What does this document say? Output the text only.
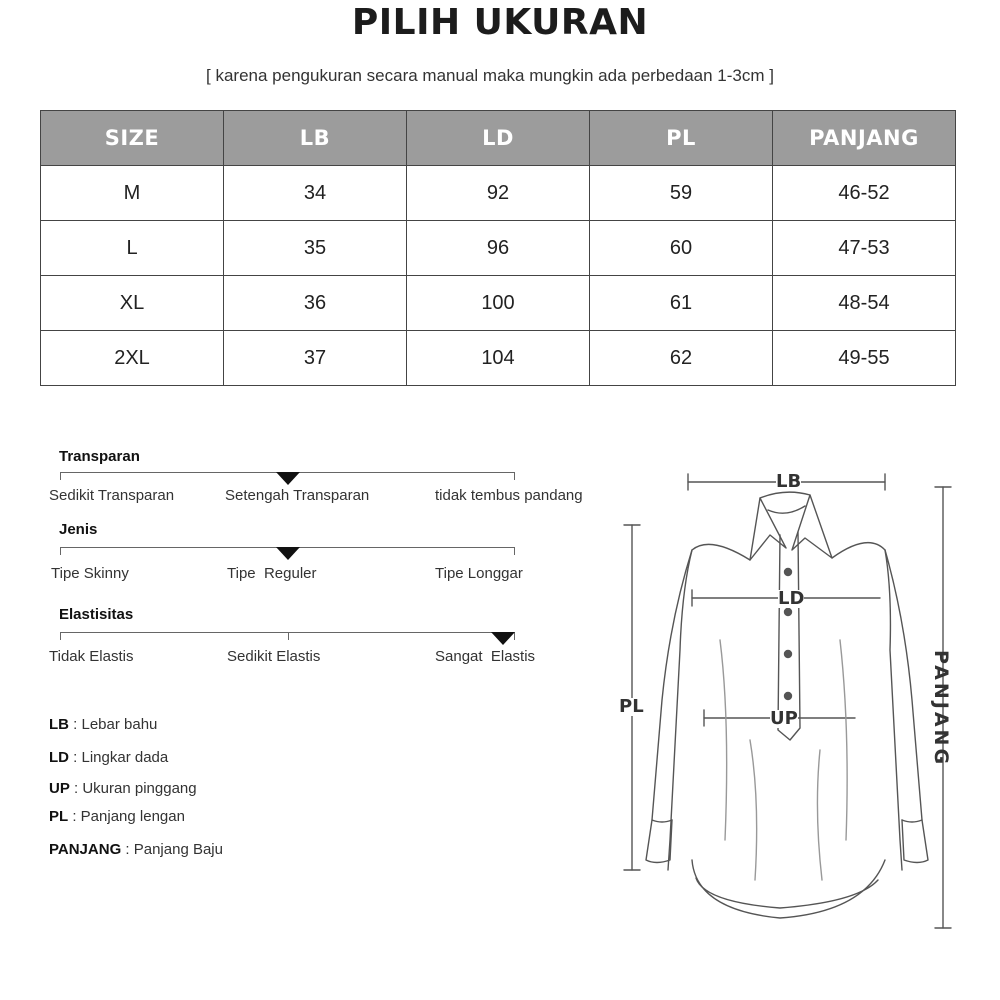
PILIH UKURAN
[ karena pengukuran secara manual maka mungkin ada perbedaan 1-3cm ]
SIZE	LB	LD	PL	PANJANG
M	34	92	59	46-52
L	35	96	60	47-53
XL	36	100	61	48-54
2XL	37	104	62	49-55
Transparan
Sedikit Transparan	Setengah Transparan	tidak tembus pandang
Jenis
Tipe Skinny	Tipe  Reguler	Tipe Longgar
Elastisitas
Tidak Elastis	Sedikit Elastis	Sangat  Elastis
LB : Lebar bahu
LD : Lingkar dada
UP : Ukuran pinggang
PL : Panjang lengan
PANJANG : Panjang Baju
LB
LD
UP
PL	PANJANG
